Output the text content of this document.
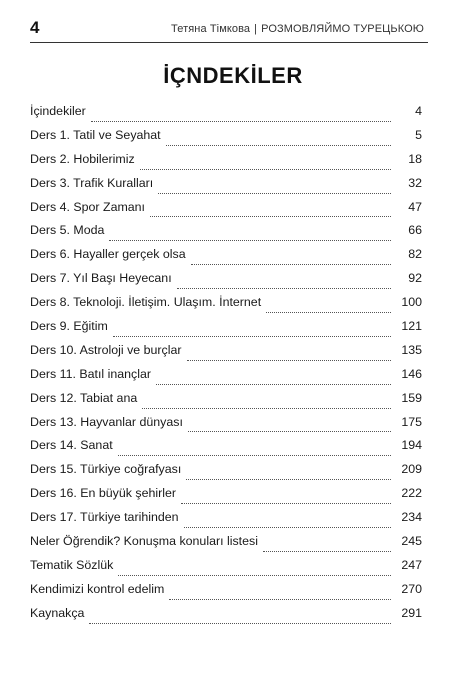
4	Тетяна Тімкова | РОЗМОВЛЯЙМО ТУРЕЦЬКОЮ
İÇNDEKİLER
İçindekiler	4
Ders 1. Tatil ve Seyahat	5
Ders 2. Hobilerimiz	18
Ders 3. Trafik Kuralları	32
Ders 4. Spor Zamanı	47
Ders 5. Moda	66
Ders 6. Hayaller gerçek olsa	82
Ders 7. Yıl Başı Heyecanı	92
Ders 8. Teknoloji. İletişim. Ulaşım. İnternet	100
Ders 9. Eğitim	121
Ders 10. Astroloji ve burçlar	135
Ders 11. Batıl inançlar	146
Ders 12. Tabiat ana	159
Ders 13. Hayvanlar dünyası	175
Ders 14. Sanat	194
Ders 15. Türkiye coğrafyası	209
Ders 16. En büyük şehirler	222
Ders 17. Türkiye tarihinden	234
Neler Öğrendik? Konuşma konuları listesi	245
Tematik Sözlük	247
Kendimizi kontrol edelim	270
Kaynakça	291
